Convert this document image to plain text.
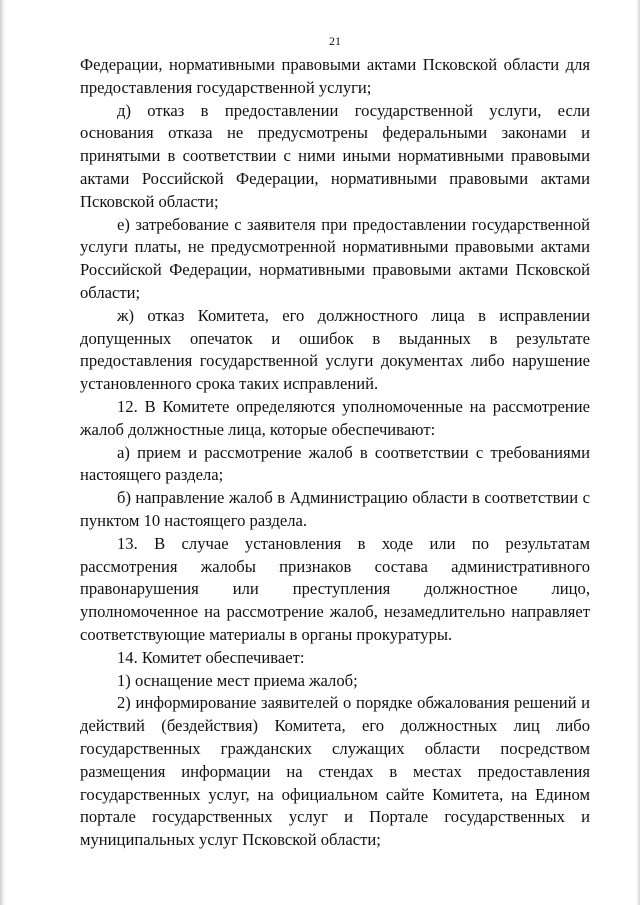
21

Федерации, нормативными правовыми актами Псковской области для предоставления государственной услуги;

д) отказ в предоставлении государственной услуги, если основания отказа не предусмотрены федеральными законами и принятыми в соответствии с ними иными нормативными правовыми актами Российской Федерации, нормативными правовыми актами Псковской области;

е) затребование с заявителя при предоставлении государственной услуги платы, не предусмотренной нормативными правовыми актами Российской Федерации, нормативными правовыми актами Псковской области;

ж) отказ Комитета, его должностного лица в исправлении допущенных опечаток и ошибок в выданных в результате предоставления государственной услуги документах либо нарушение установленного срока таких исправлений.

12. В Комитете определяются уполномоченные на рассмотрение жалоб должностные лица, которые обеспечивают:

а) прием и рассмотрение жалоб в соответствии с требованиями настоящего раздела;

б) направление жалоб в Администрацию области в соответствии с пунктом 10 настоящего раздела.

13. В случае установления в ходе или по результатам рассмотрения жалобы признаков состава административного правонарушения или преступления должностное лицо, уполномоченное на рассмотрение жалоб, незамедлительно направляет соответствующие материалы в органы прокуратуры.

14. Комитет обеспечивает:

1) оснащение мест приема жалоб;

2) информирование заявителей о порядке обжалования решений и действий (бездействия) Комитета, его должностных лиц либо государственных гражданских служащих области посредством размещения информации на стендах в местах предоставления государственных услуг, на официальном сайте Комитета, на Едином портале государственных услуг и Портале государственных и муниципальных услуг Псковской области;
